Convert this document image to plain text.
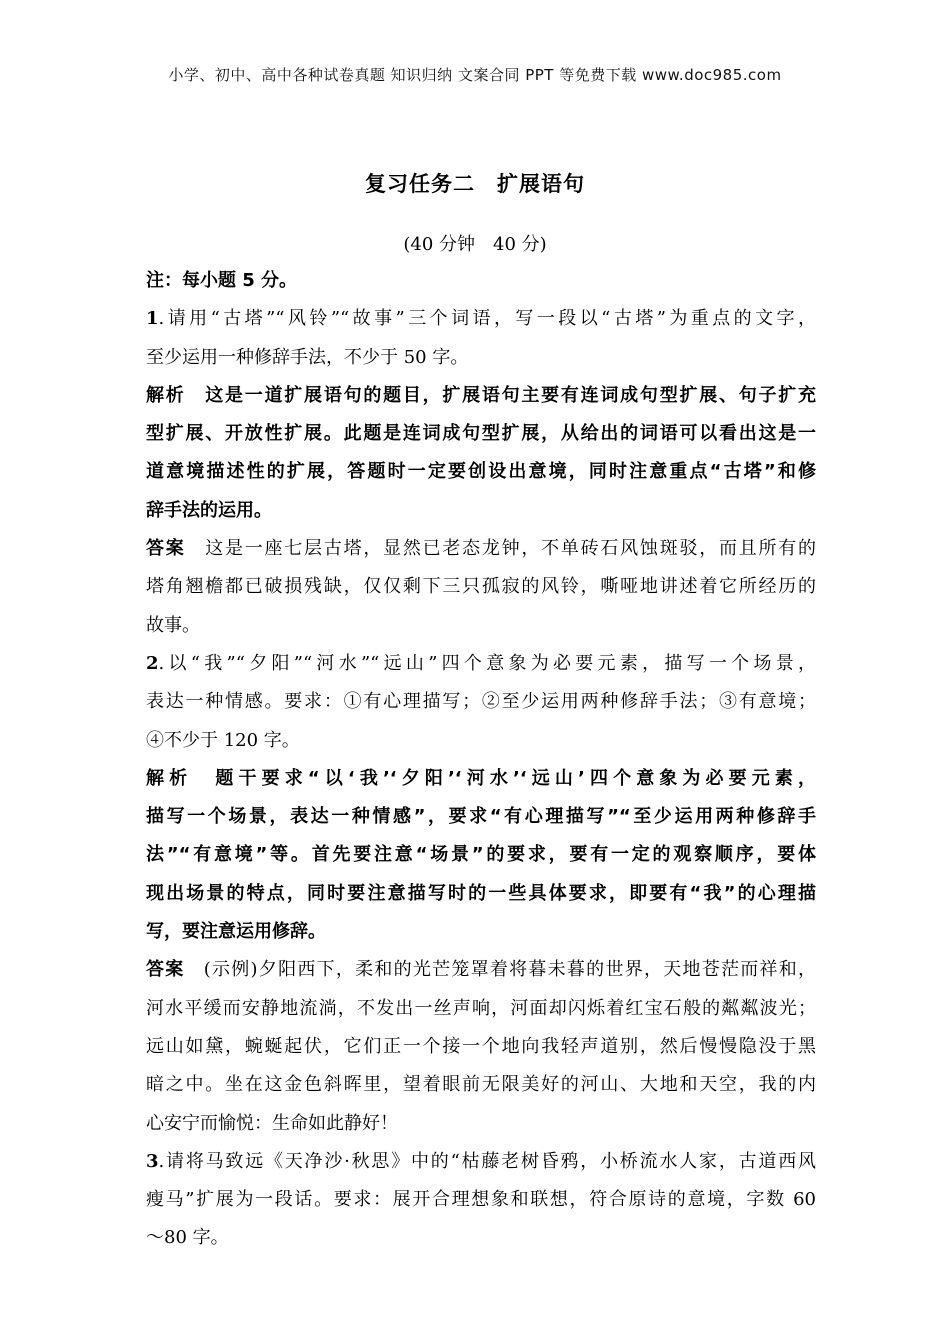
小学、初中、高中各种试卷真题 知识归纳 文案合同 PPT 等免费下载 www.doc985.com
复习任务二　扩展语句
(40 分钟　40 分)
注：每小题 5 分。
1.请用“古塔”“风铃”“故事”三个词语，写一段以“古塔”为重点的文字，
至少运用一种修辞手法，不少于 50 字。
解析　这是一道扩展语句的题目，扩展语句主要有连词成句型扩展、句子扩充
型扩展、开放性扩展。此题是连词成句型扩展，从给出的词语可以看出这是一
道意境描述性的扩展，答题时一定要创设出意境，同时注意重点“古塔”和修
辞手法的运用。
答案　这是一座七层古塔，显然已老态龙钟，不单砖石风蚀斑驳，而且所有的
塔角翘檐都已破损残缺，仅仅剩下三只孤寂的风铃，嘶哑地讲述着它所经历的
故事。
2.以“我”“夕阳”“河水”“远山”四个意象为必要元素，描写一个场景，
表达一种情感。要求：①有心理描写；②至少运用两种修辞手法；③有意境；
④不少于 120 字。
解析　题干要求“以‘我’‘夕阳’‘河水’‘远山’四个意象为必要元素，
描写一个场景，表达一种情感”，要求“有心理描写”“至少运用两种修辞手
法”“有意境”等。首先要注意“场景”的要求，要有一定的观察顺序，要体
现出场景的特点，同时要注意描写时的一些具体要求，即要有“我”的心理描
写，要注意运用修辞。
答案　(示例)夕阳西下，柔和的光芒笼罩着将暮未暮的世界，天地苍茫而祥和，
河水平缓而安静地流淌，不发出一丝声响，河面却闪烁着红宝石般的粼粼波光；
远山如黛，蜿蜒起伏，它们正一个接一个地向我轻声道别，然后慢慢隐没于黑
暗之中。坐在这金色斜晖里，望着眼前无限美好的河山、大地和天空，我的内
心安宁而愉悦：生命如此静好！
3.请将马致远《天净沙·秋思》中的“枯藤老树昏鸦，小桥流水人家，古道西风
瘦马”扩展为一段话。要求：展开合理想象和联想，符合原诗的意境，字数 60
～80 字。
